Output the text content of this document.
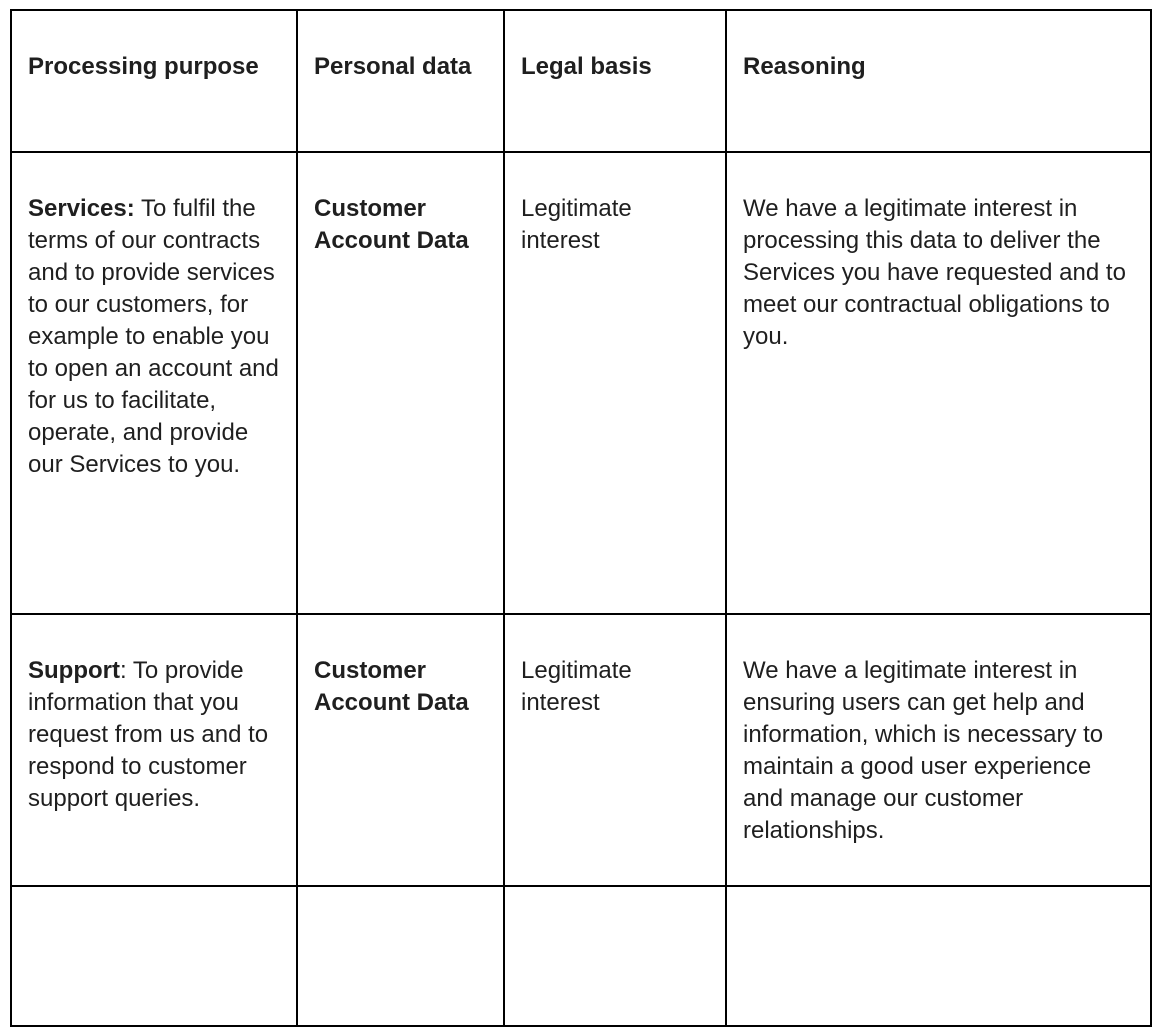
Processing purpose	Personal data	Legal basis	Reasoning
Services: To fulfil the terms of our contracts and to provide services to our customers, for example to enable you to open an account and for us to facilitate, operate, and provide our Services to you.	Customer Account Data	Legitimate interest	We have a legitimate interest in processing this data to deliver the Services you have requested and to meet our contractual obligations to you.
Support: To provide information that you request from us and to respond to customer support queries.	Customer Account Data	Legitimate interest	We have a legitimate interest in ensuring users can get help and information, which is necessary to maintain a good user experience and manage our customer relationships.
